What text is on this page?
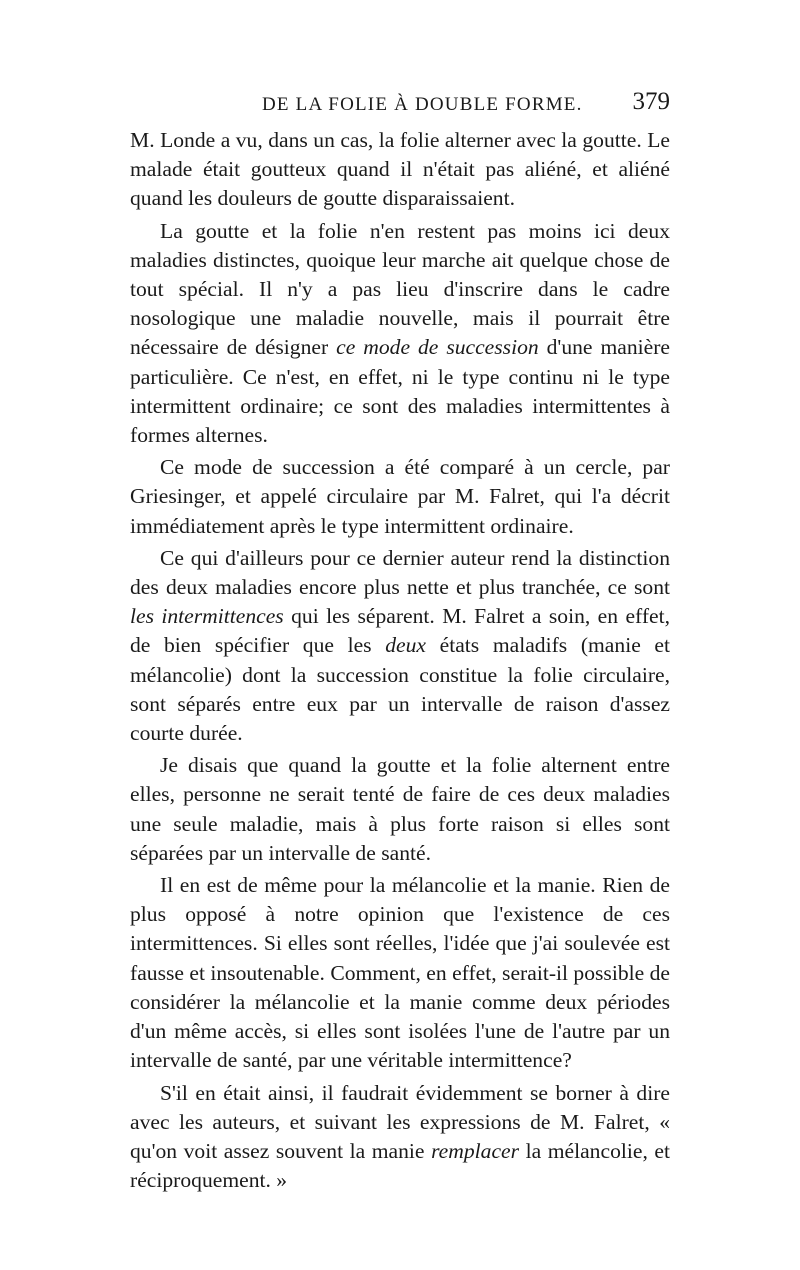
DE LA FOLIE À DOUBLE FORME. 379

M. Londe a vu, dans un cas, la folie alterner avec la goutte. Le malade était goutteux quand il n'était pas aliéné, et aliéné quand les douleurs de goutte disparaissaient.

La goutte et la folie n'en restent pas moins ici deux maladies distinctes, quoique leur marche ait quelque chose de tout spécial. Il n'y a pas lieu d'inscrire dans le cadre nosologique une maladie nouvelle, mais il pourrait être nécessaire de désigner ce mode de succession d'une manière particulière. Ce n'est, en effet, ni le type continu ni le type intermittent ordinaire; ce sont des maladies intermittentes à formes alternes.

Ce mode de succession a été comparé à un cercle, par Griesinger, et appelé circulaire par M. Falret, qui l'a décrit immédiatement après le type intermittent ordinaire.

Ce qui d'ailleurs pour ce dernier auteur rend la distinction des deux maladies encore plus nette et plus tranchée, ce sont les intermittences qui les séparent. M. Falret a soin, en effet, de bien spécifier que les deux états maladifs (manie et mélancolie) dont la succession constitue la folie circulaire, sont séparés entre eux par un intervalle de raison d'assez courte durée.

Je disais que quand la goutte et la folie alternent entre elles, personne ne serait tenté de faire de ces deux maladies une seule maladie, mais à plus forte raison si elles sont séparées par un intervalle de santé.

Il en est de même pour la mélancolie et la manie. Rien de plus opposé à notre opinion que l'existence de ces intermittences. Si elles sont réelles, l'idée que j'ai soulevée est fausse et insoutenable. Comment, en effet, serait-il possible de considérer la mélancolie et la manie comme deux périodes d'un même accès, si elles sont isolées l'une de l'autre par un intervalle de santé, par une véritable intermittence?

S'il en était ainsi, il faudrait évidemment se borner à dire avec les auteurs, et suivant les expressions de M. Falret, « qu'on voit assez souvent la manie remplacer la mélancolie, et réciproquement. »
